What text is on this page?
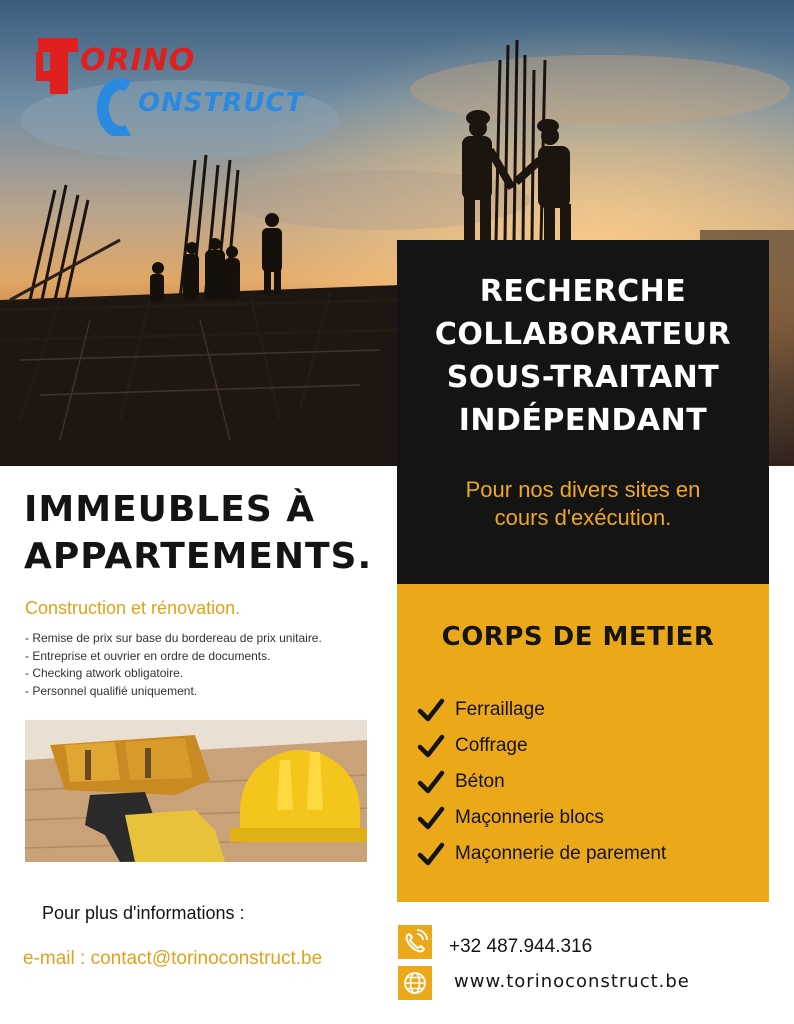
ORINO
ONSTRUCT
RECHERCHE
COLLABORATEUR
SOUS-TRAITANT
INDÉPENDANT
Pour nos divers sites en
cours d'exécution.
CORPS DE METIER
Ferraillage
Coffrage
Béton
Maçonnerie blocs
Maçonnerie de parement
IMMEUBLES À
APPARTEMENTS.
Construction et rénovation.
- Remise de prix sur base du bordereau de prix unitaire.
- Entreprise et ouvrier en ordre de documents.
- Checking atwork obligatoire.
- Personnel qualifié uniquement.
Pour plus d'informations :
e-mail : contact@torinoconstruct.be
+32 487.944.316
www.torinoconstruct.be
